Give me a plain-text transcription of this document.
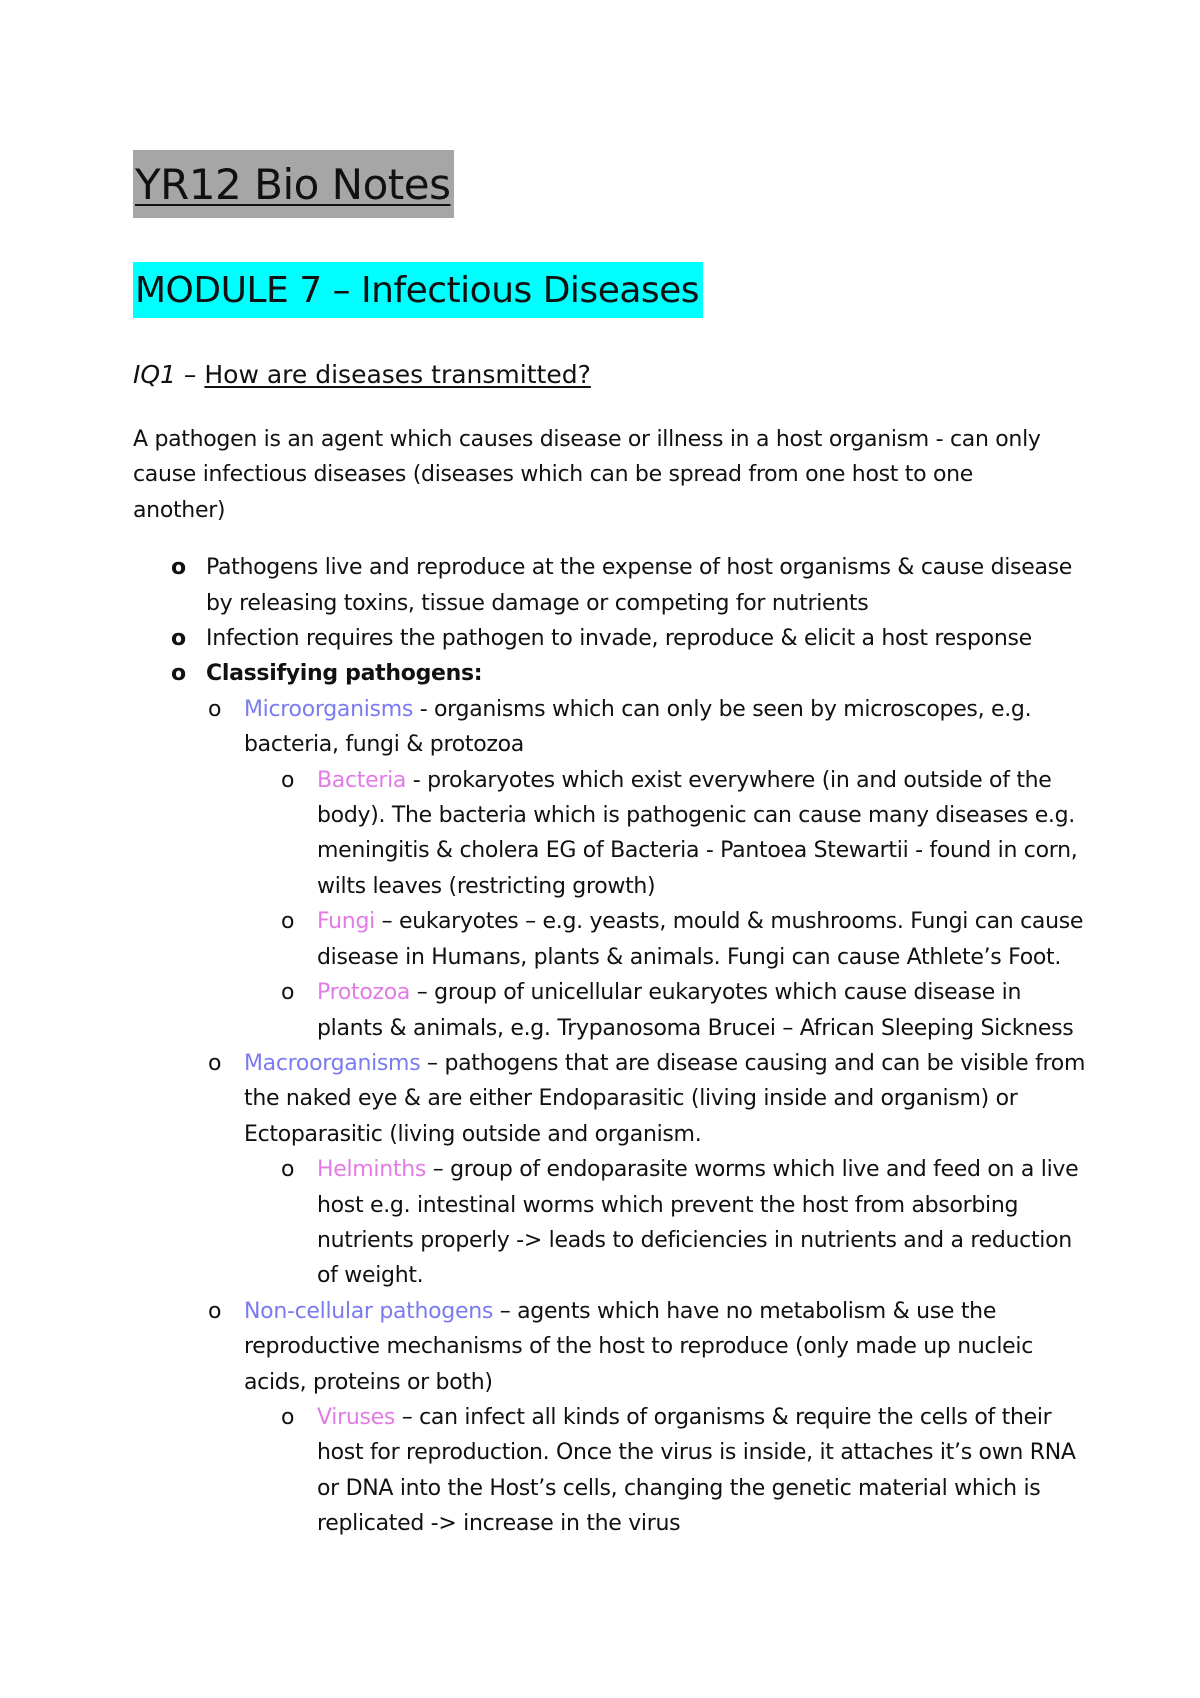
YR12 Bio Notes
MODULE 7 – Infectious Diseases
IQ1 – How are diseases transmitted?

A pathogen is an agent which causes disease or illness in a host organism - can only cause infectious diseases (diseases which can be spread from one host to one another)

o Pathogens live and reproduce at the expense of host organisms & cause disease by releasing toxins, tissue damage or competing for nutrients
o Infection requires the pathogen to invade, reproduce & elicit a host response
o Classifying pathogens:
o Microorganisms - organisms which can only be seen by microscopes, e.g. bacteria, fungi & protozoa
o Bacteria - prokaryotes which exist everywhere (in and outside of the body). The bacteria which is pathogenic can cause many diseases e.g. meningitis & cholera EG of Bacteria - Pantoea Stewartii - found in corn, wilts leaves (restricting growth)
o Fungi – eukaryotes – e.g. yeasts, mould & mushrooms. Fungi can cause disease in Humans, plants & animals. Fungi can cause Athlete’s Foot.
o Protozoa – group of unicellular eukaryotes which cause disease in plants & animals, e.g. Trypanosoma Brucei – African Sleeping Sickness
o Macroorganisms – pathogens that are disease causing and can be visible from the naked eye & are either Endoparasitic (living inside and organism) or Ectoparasitic (living outside and organism.
o Helminths – group of endoparasite worms which live and feed on a live host e.g. intestinal worms which prevent the host from absorbing nutrients properly -> leads to deficiencies in nutrients and a reduction of weight.
o Non-cellular pathogens – agents which have no metabolism & use the reproductive mechanisms of the host to reproduce (only made up nucleic acids, proteins or both)
o Viruses – can infect all kinds of organisms & require the cells of their host for reproduction. Once the virus is inside, it attaches it’s own RNA or DNA into the Host’s cells, changing the genetic material which is replicated -> increase in the virus
